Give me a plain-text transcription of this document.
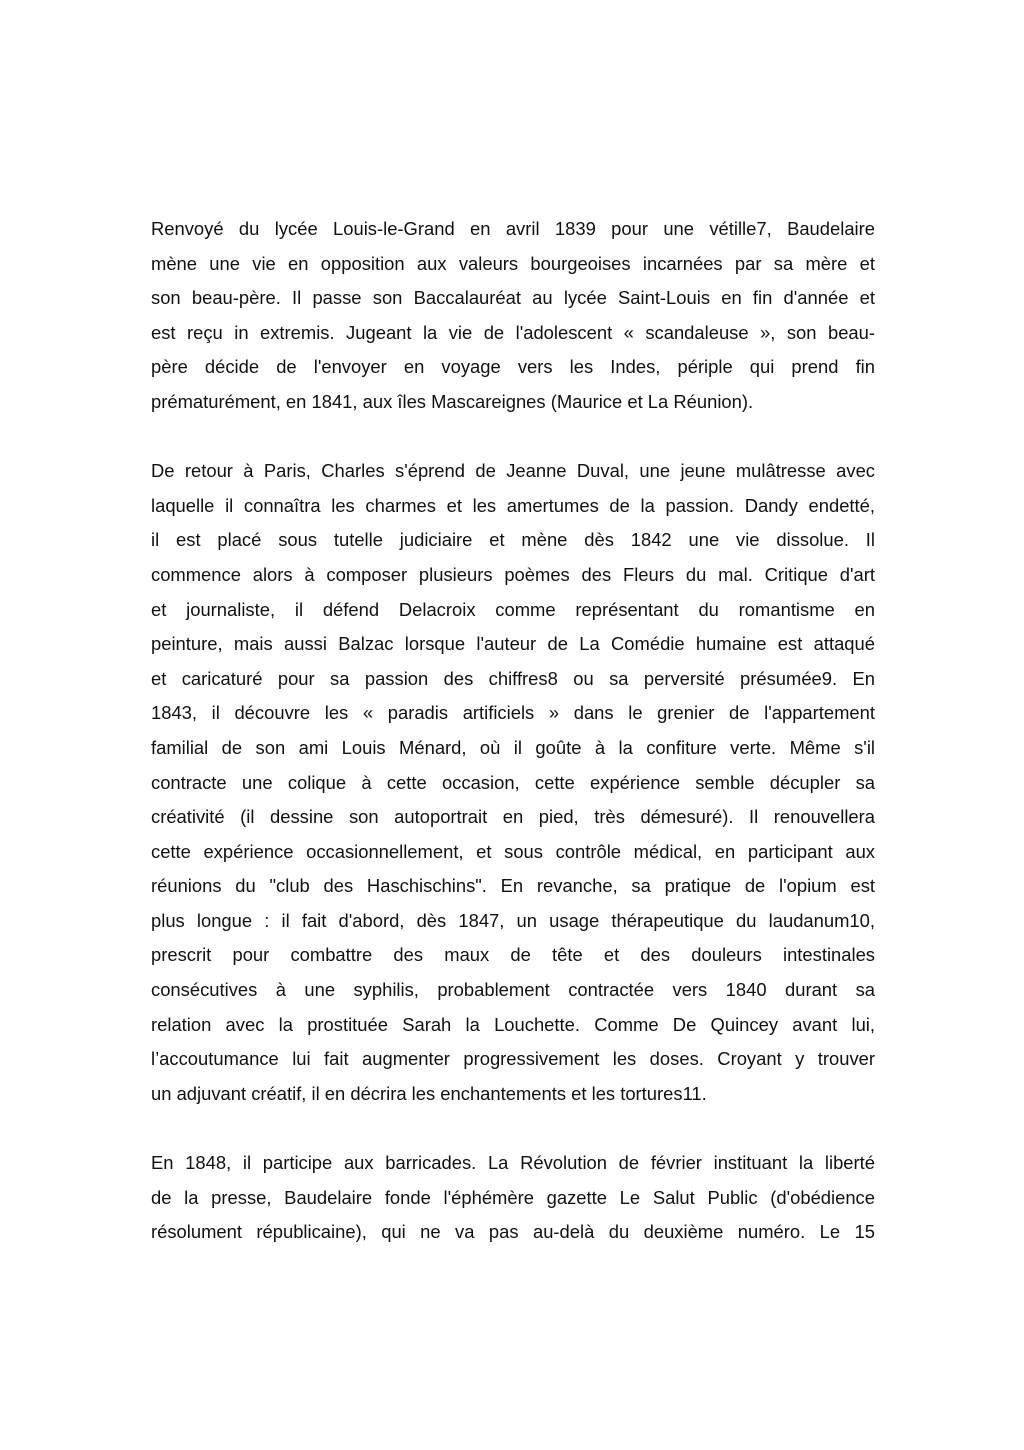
Renvoyé du lycée Louis-le-Grand en avril 1839 pour une vétille7, Baudelaire
mène une vie en opposition aux valeurs bourgeoises incarnées par sa mère et
son beau-père. Il passe son Baccalauréat au lycée Saint-Louis en fin d'année et
est reçu in extremis. Jugeant la vie de l'adolescent « scandaleuse », son beau-
père décide de l'envoyer en voyage vers les Indes, périple qui prend fin
prématurément, en 1841, aux îles Mascareignes (Maurice et La Réunion).
De retour à Paris, Charles s'éprend de Jeanne Duval, une jeune mulâtresse avec
laquelle il connaîtra les charmes et les amertumes de la passion. Dandy endetté,
il est placé sous tutelle judiciaire et mène dès 1842 une vie dissolue. Il
commence alors à composer plusieurs poèmes des Fleurs du mal. Critique d'art
et journaliste, il défend Delacroix comme représentant du romantisme en
peinture, mais aussi Balzac lorsque l'auteur de La Comédie humaine est attaqué
et caricaturé pour sa passion des chiffres8 ou sa perversité présumée9. En
1843, il découvre les « paradis artificiels » dans le grenier de l'appartement
familial de son ami Louis Ménard, où il goûte à la confiture verte. Même s'il
contracte une colique à cette occasion, cette expérience semble décupler sa
créativité (il dessine son autoportrait en pied, très démesuré). Il renouvellera
cette expérience occasionnellement, et sous contrôle médical, en participant aux
réunions du "club des Haschischins". En revanche, sa pratique de l'opium est
plus longue : il fait d'abord, dès 1847, un usage thérapeutique du laudanum10,
prescrit pour combattre des maux de tête et des douleurs intestinales
consécutives à une syphilis, probablement contractée vers 1840 durant sa
relation avec la prostituée Sarah la Louchette. Comme De Quincey avant lui,
l’accoutumance lui fait augmenter progressivement les doses. Croyant y trouver
un adjuvant créatif, il en décrira les enchantements et les tortures11.
En 1848, il participe aux barricades. La Révolution de février instituant la liberté
de la presse, Baudelaire fonde l'éphémère gazette Le Salut Public (d'obédience
résolument républicaine), qui ne va pas au-delà du deuxième numéro. Le 15
